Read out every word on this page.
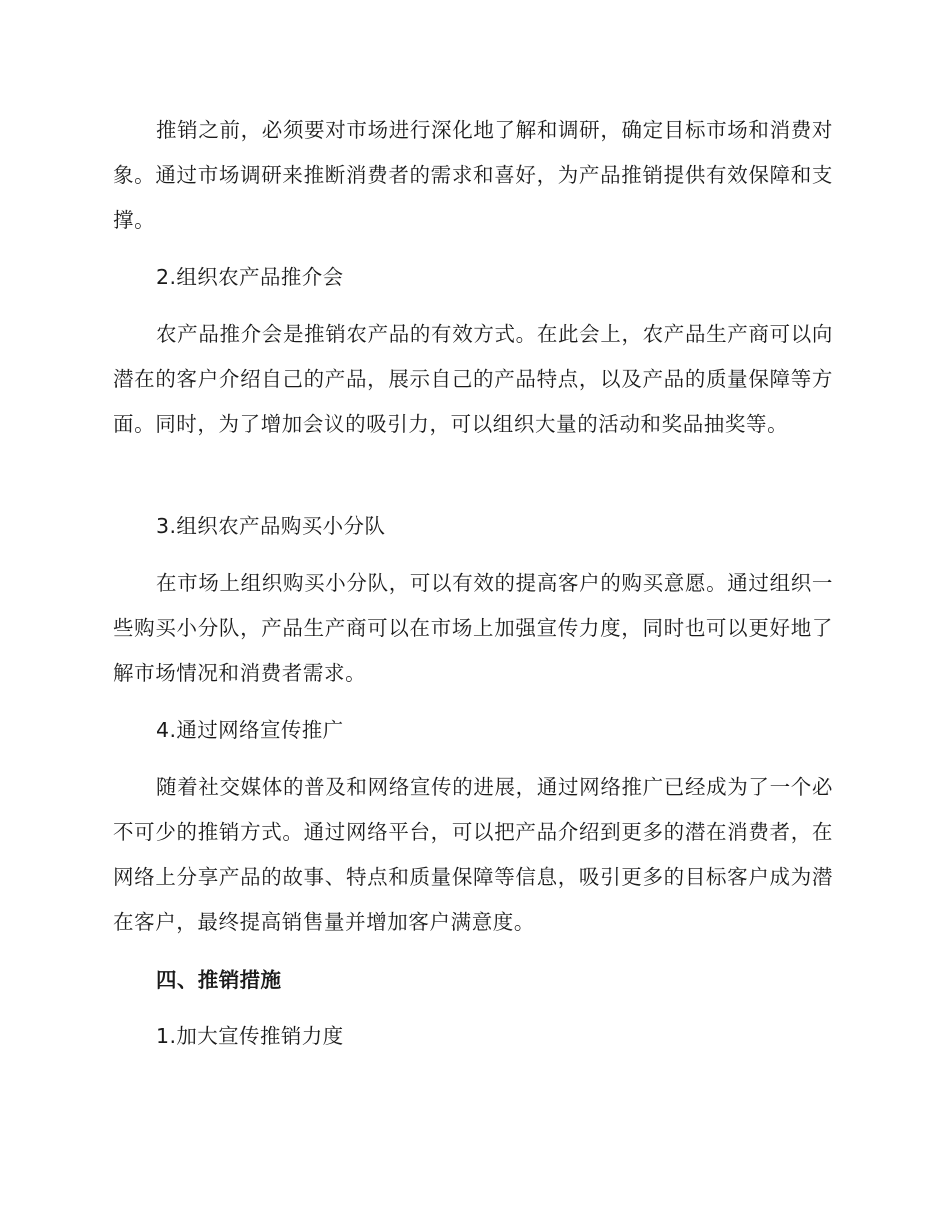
推销之前，必须要对市场进行深化地了解和调研，确定目标市场和消费对象。通过市场调研来推断消费者的需求和喜好，为产品推销提供有效保障和支撑。

2.组织农产品推介会

农产品推介会是推销农产品的有效方式。在此会上，农产品生产商可以向潜在的客户介绍自己的产品，展示自己的产品特点，以及产品的质量保障等方面。同时，为了增加会议的吸引力，可以组织大量的活动和奖品抽奖等。

3.组织农产品购买小分队

在市场上组织购买小分队，可以有效的提高客户的购买意愿。通过组织一些购买小分队，产品生产商可以在市场上加强宣传力度，同时也可以更好地了解市场情况和消费者需求。

4.通过网络宣传推广

随着社交媒体的普及和网络宣传的进展，通过网络推广已经成为了一个必不可少的推销方式。通过网络平台，可以把产品介绍到更多的潜在消费者，在网络上分享产品的故事、特点和质量保障等信息，吸引更多的目标客户成为潜在客户，最终提高销售量并增加客户满意度。

四、推销措施

1.加大宣传推销力度
